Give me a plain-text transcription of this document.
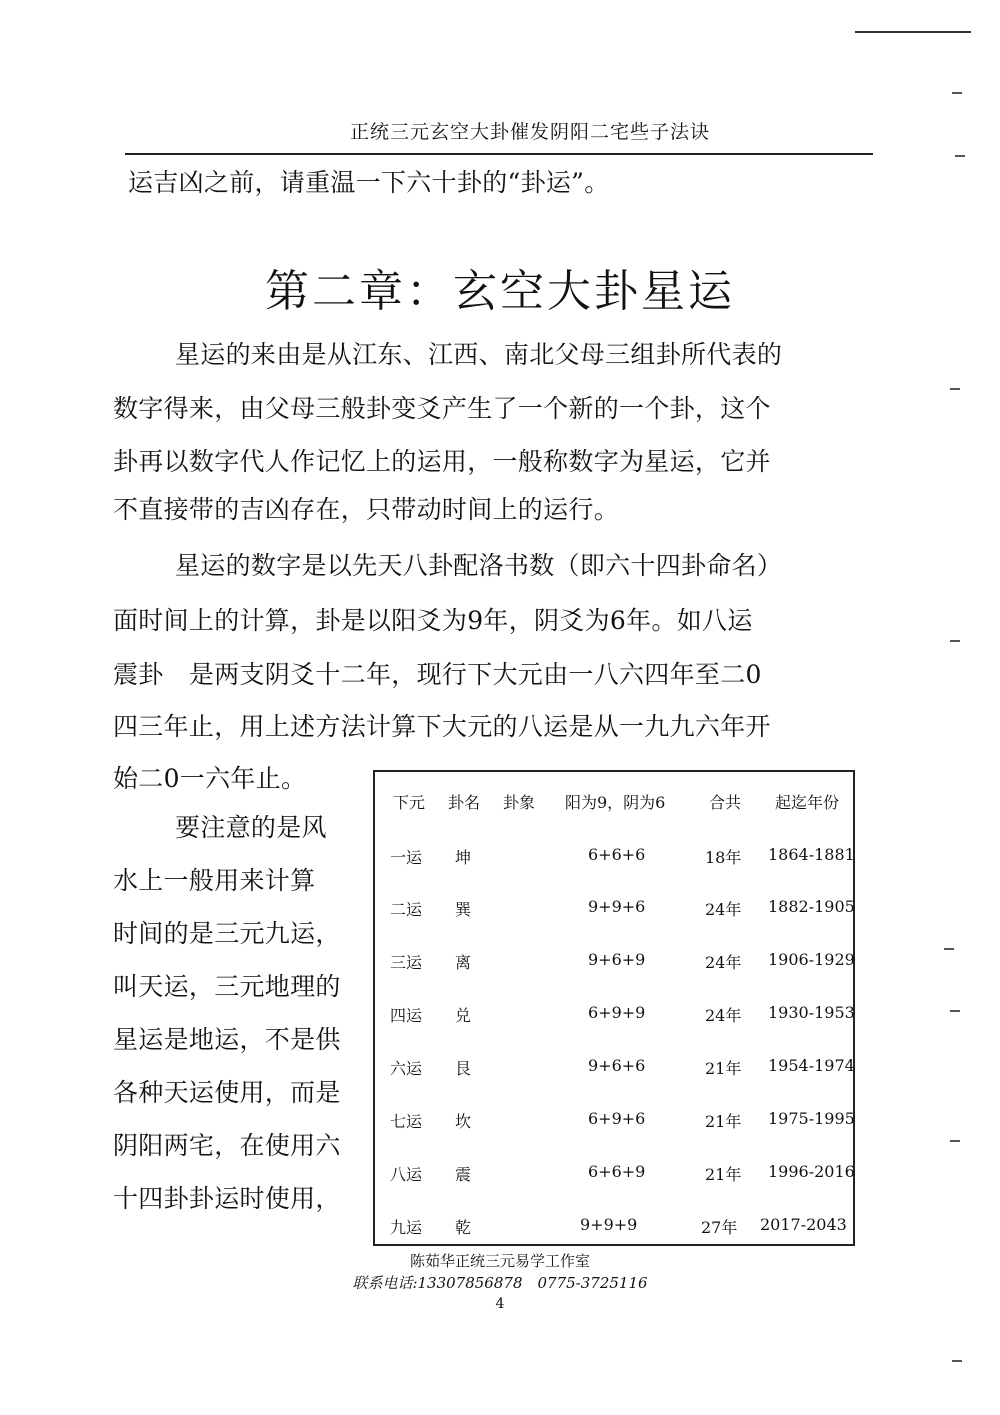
正统三元玄空大卦催发阴阳二宅些子法诀
运吉凶之前，请重温一下六十卦的“卦运”。
第二章：玄空大卦星运
星运的来由是从江东、江西、南北父母三组卦所代表的
数字得来，由父母三般卦变爻产生了一个新的一个卦，这个
卦再以数字代人作记忆上的运用，一般称数字为星运，它并
不直接带的吉凶存在，只带动时间上的运行。
星运的数字是以先天八卦配洛书数（即六十四卦命名）
面时间上的计算，卦是以阳爻为9年，阴爻为6年。如八运
震卦　是两支阴爻十二年，现行下大元由一八六四年至二0
四三年止，用上述方法计算下大元的八运是从一九九六年开
始二0一六年止。
要注意的是风
水上一般用来计算
时间的是三元九运，
叫天运，三元地理的
星运是地运，不是供
各种天运使用，而是
阴阳两宅，在使用六
十四卦卦运时使用，
下元 卦名 卦象 阳为9，阴为6	合共 起迄年份
一运 坤	6+6+6	18年 1864-1881
二运 巽	9+9+6	24年 1882-1905
三运 离	9+6+9	24年 1906-1929
四运 兑	6+9+9	24年 1930-1953
六运 艮	9+6+6	21年 1954-1974
七运 坎	6+9+6	21年 1975-1995
八运 震	6+6+9	21年 1996-2016
九运 乾	9+9+9	27年 2017-2043
陈茹华正统三元易学工作室
联系电话:13307856878　0775-3725116
4
